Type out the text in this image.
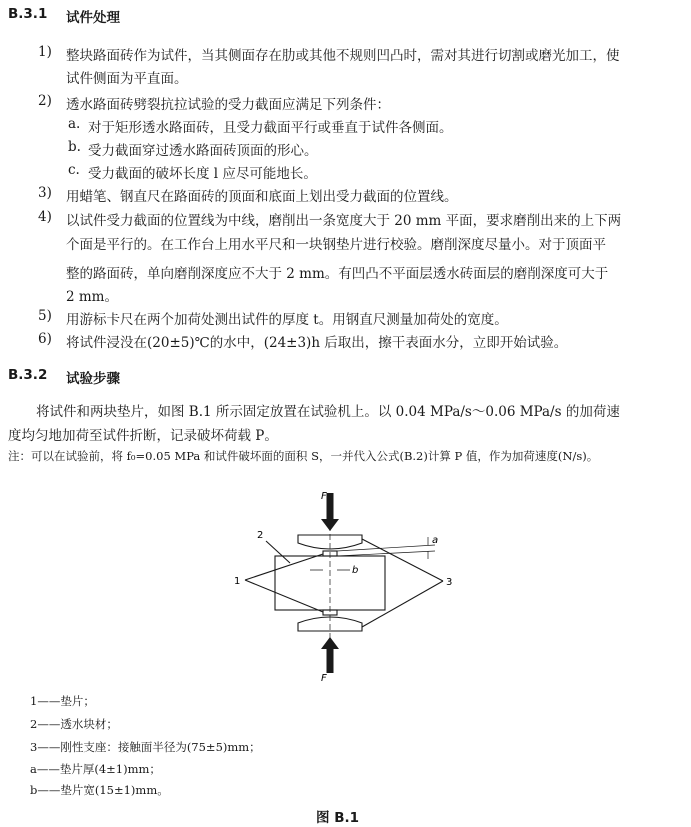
B.3.1 试件处理
1) 整块路面砖作为试件，当其侧面存在肋或其他不规则凹凸时，需对其进行切割或磨光加工，使
试件侧面为平直面。
2) 透水路面砖劈裂抗拉试验的受力截面应满足下列条件：
a. 对于矩形透水路面砖，且受力截面平行或垂直于试件各侧面。
b. 受力截面穿过透水路面砖顶面的形心。
c. 受力截面的破坏长度 l 应尽可能地长。
3) 用蜡笔、钢直尺在路面砖的顶面和底面上划出受力截面的位置线。
4) 以试件受力截面的位置线为中线，磨削出一条宽度大于 20 mm 平面，要求磨削出来的上下两
个面是平行的。在工作台上用水平尺和一块钢垫片进行校验。磨削深度尽量小。对于顶面平
整的路面砖，单向磨削深度应不大于 2 mm。有凹凸不平面层透水砖面层的磨削深度可大于
2 mm。
5) 用游标卡尺在两个加荷处测出试件的厚度 t。用钢直尺测量加荷处的宽度。
6) 将试件浸没在(20±5)℃的水中，(24±3)h 后取出，擦干表面水分，立即开始试验。
B.3.2 试验步骤
将试件和两块垫片，如图 B.1 所示固定放置在试验机上。以 0.04 MPa/s～0.06 MPa/s 的加荷速
度均匀地加荷至试件折断，记录破坏荷载 P。
注：可以在试验前，将 f₀=0.05 MPa 和试件破坏面的面积 S，一并代入公式(B.2)计算 P 值，作为加荷速度(N/s)。
F
F
1
2
3
a
b
1——垫片；
2——透水块材；
3——刚性支座：接触面半径为(75±5)mm；
a——垫片厚(4±1)mm；
b——垫片宽(15±1)mm。
图 B.1
